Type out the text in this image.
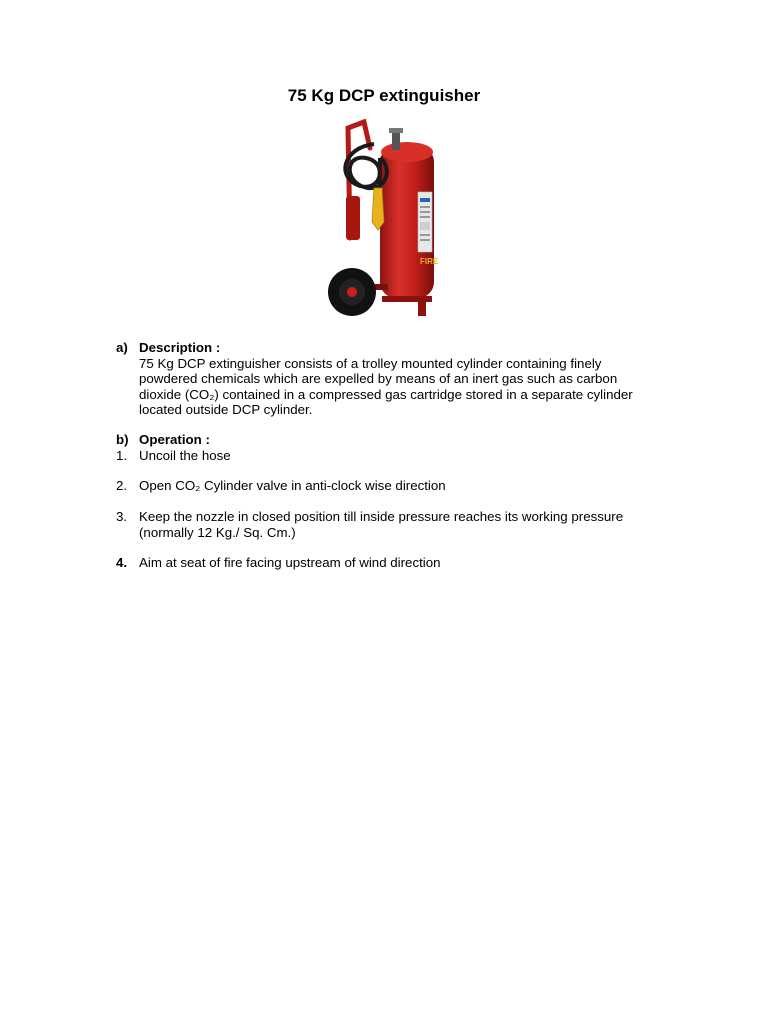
75 Kg DCP extinguisher
FIRE
a) Description :
75 Kg DCP extinguisher consists of a trolley mounted cylinder containing finely
powdered chemicals which are expelled by means of an inert gas such as carbon
dioxide (CO₂) contained in a compressed gas cartridge stored in a separate cylinder
located outside DCP cylinder.
b) Operation :
1. Uncoil the hose
2. Open CO₂ Cylinder valve in anti-clock wise direction
3. Keep the nozzle in closed position till inside pressure reaches its working pressure
(normally 12 Kg./ Sq. Cm.)
4. Aim at seat of fire facing upstream of wind direction
